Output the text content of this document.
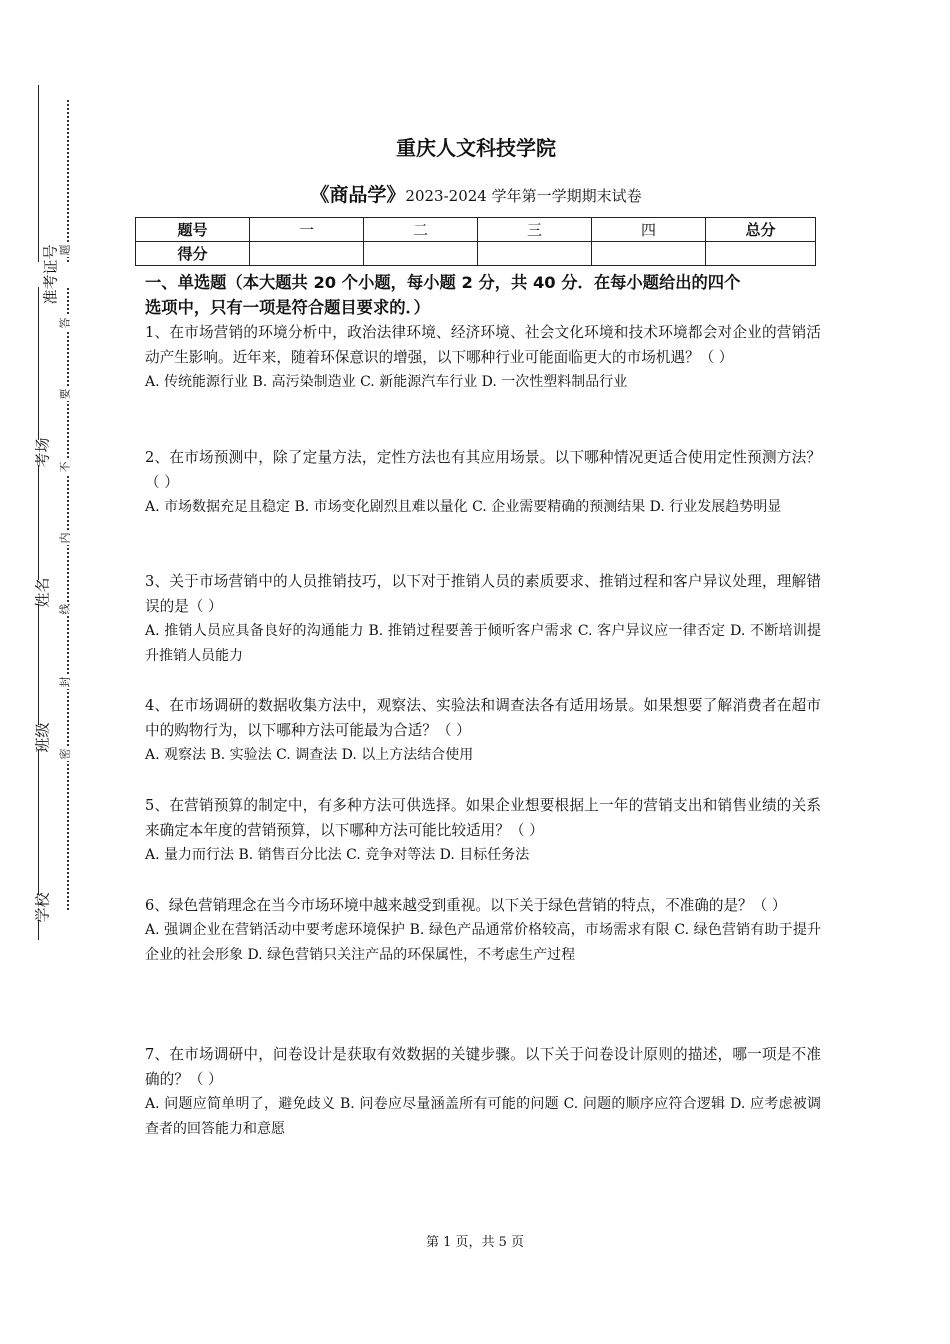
准考证号
考场
姓名
班级
学校
题
答
要
不
内
线
封
密
重庆人文科技学院
《商品学》2023-2024 学年第一学期期末试卷
题号	一	二	三	四	总分
得分					
一、单选题（本大题共 20 个小题，每小题 2 分，共 40 分．在每小题给出的四个
选项中，只有一项是符合题目要求的．）
1、在市场营销的环境分析中，政治法律环境、经济环境、社会文化环境和技术环境都会对企业的营销活动产生影响。近年来，随着环保意识的增强，以下哪种行业可能面临更大的市场机遇？（ ）
A. 传统能源行业 B. 高污染制造业 C. 新能源汽车行业 D. 一次性塑料制品行业
2、在市场预测中，除了定量方法，定性方法也有其应用场景。以下哪种情况更适合使用定性预测方法？（ ）
A. 市场数据充足且稳定 B. 市场变化剧烈且难以量化 C. 企业需要精确的预测结果 D. 行业发展趋势明显
3、关于市场营销中的人员推销技巧，以下对于推销人员的素质要求、推销过程和客户异议处理，理解错误的是（ ）
A. 推销人员应具备良好的沟通能力 B. 推销过程要善于倾听客户需求 C. 客户异议应一律否定 D. 不断培训提升推销人员能力
4、在市场调研的数据收集方法中，观察法、实验法和调查法各有适用场景。如果想要了解消费者在超市中的购物行为，以下哪种方法可能最为合适？（ ）
A. 观察法 B. 实验法 C. 调查法 D. 以上方法结合使用
5、在营销预算的制定中，有多种方法可供选择。如果企业想要根据上一年的营销支出和销售业绩的关系来确定本年度的营销预算，以下哪种方法可能比较适用？（ ）
A. 量力而行法 B. 销售百分比法 C. 竞争对等法 D. 目标任务法
6、绿色营销理念在当今市场环境中越来越受到重视。以下关于绿色营销的特点，不准确的是？（ ）
A. 强调企业在营销活动中要考虑环境保护 B. 绿色产品通常价格较高，市场需求有限 C. 绿色营销有助于提升企业的社会形象 D. 绿色营销只关注产品的环保属性，不考虑生产过程
7、在市场调研中，问卷设计是获取有效数据的关键步骤。以下关于问卷设计原则的描述，哪一项是不准确的？（ ）
A. 问题应简单明了，避免歧义 B. 问卷应尽量涵盖所有可能的问题 C. 问题的顺序应符合逻辑 D. 应考虑被调查者的回答能力和意愿
第 1 页，共 5 页
